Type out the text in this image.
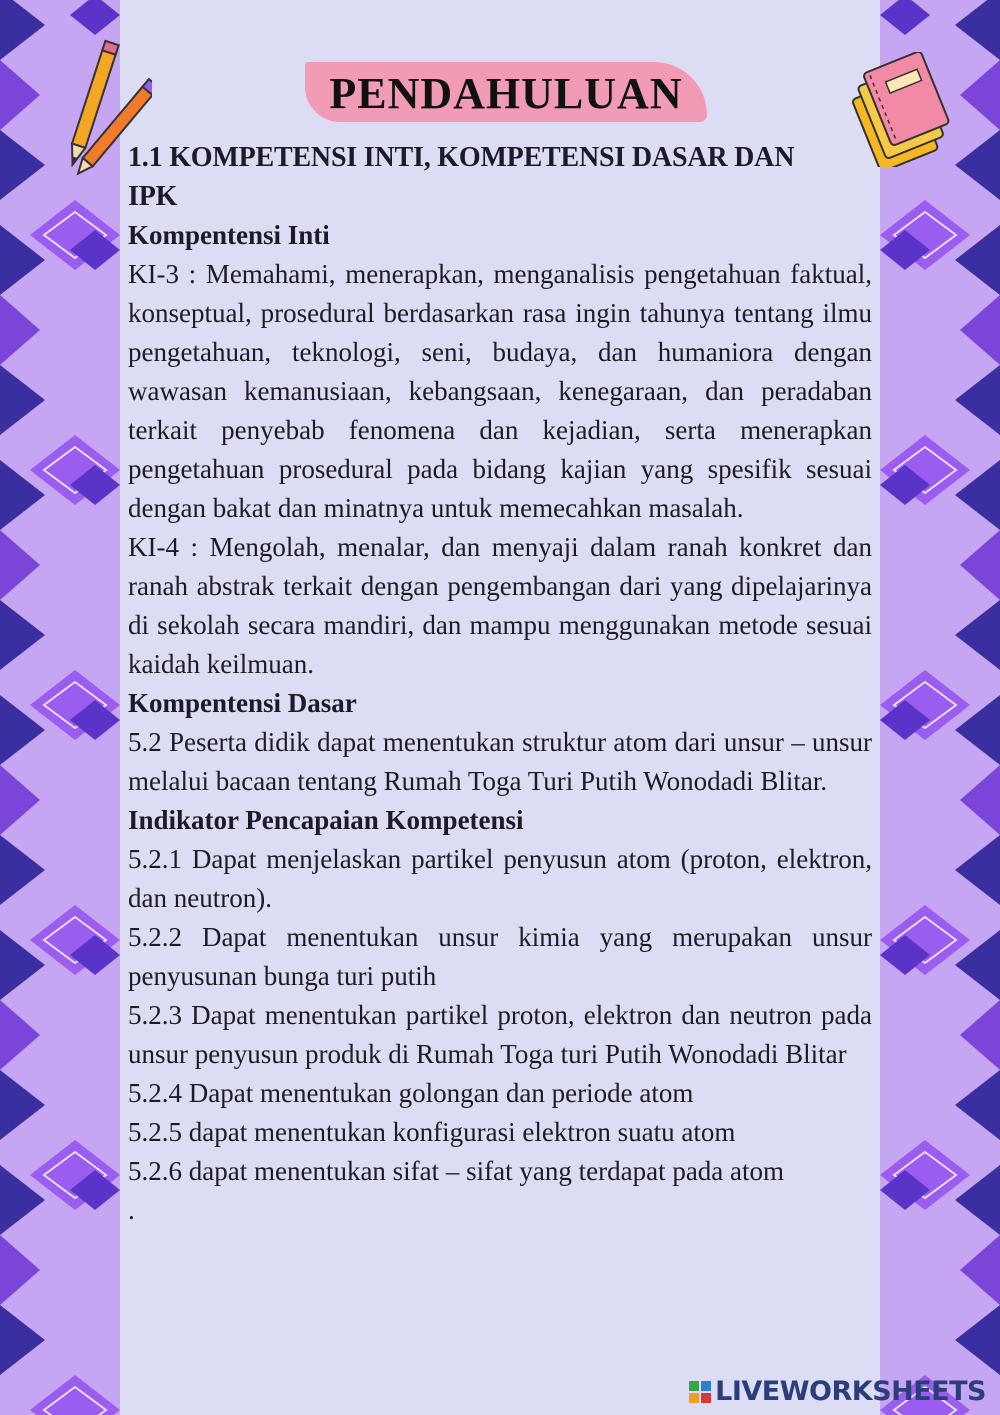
PENDAHULUAN

1.1 KOMPETENSI INTI, KOMPETENSI DASAR DAN IPK

Kompentensi Inti

KI-3 : Memahami, menerapkan, menganalisis pengetahuan faktual, konseptual, prosedural berdasarkan rasa ingin tahunya tentang ilmu pengetahuan, teknologi, seni, budaya, dan humaniora dengan wawasan kemanusiaan, kebangsaan, kenegaraan, dan peradaban terkait penyebab fenomena dan kejadian, serta menerapkan pengetahuan prosedural pada bidang kajian yang spesifik sesuai dengan bakat dan minatnya untuk memecahkan masalah.

KI-4 : Mengolah, menalar, dan menyaji dalam ranah konkret dan ranah abstrak terkait dengan pengembangan dari yang dipelajarinya di sekolah secara mandiri, dan mampu menggunakan metode sesuai kaidah keilmuan.

Kompentensi Dasar

5.2 Peserta didik dapat menentukan struktur atom dari unsur – unsur melalui bacaan tentang Rumah Toga Turi Putih Wonodadi Blitar.

Indikator Pencapaian Kompetensi

5.2.1 Dapat menjelaskan partikel penyusun atom (proton, elektron, dan neutron).

5.2.2 Dapat menentukan unsur kimia yang merupakan unsur penyusunan bunga turi putih

5.2.3 Dapat menentukan partikel proton, elektron dan neutron pada unsur penyusun produk di Rumah Toga turi Putih Wonodadi Blitar

5.2.4 Dapat menentukan golongan dan periode atom

5.2.5 dapat menentukan konfigurasi elektron suatu atom

5.2.6 dapat menentukan sifat – sifat yang terdapat pada atom

.

LIVEWORKSHEETS
